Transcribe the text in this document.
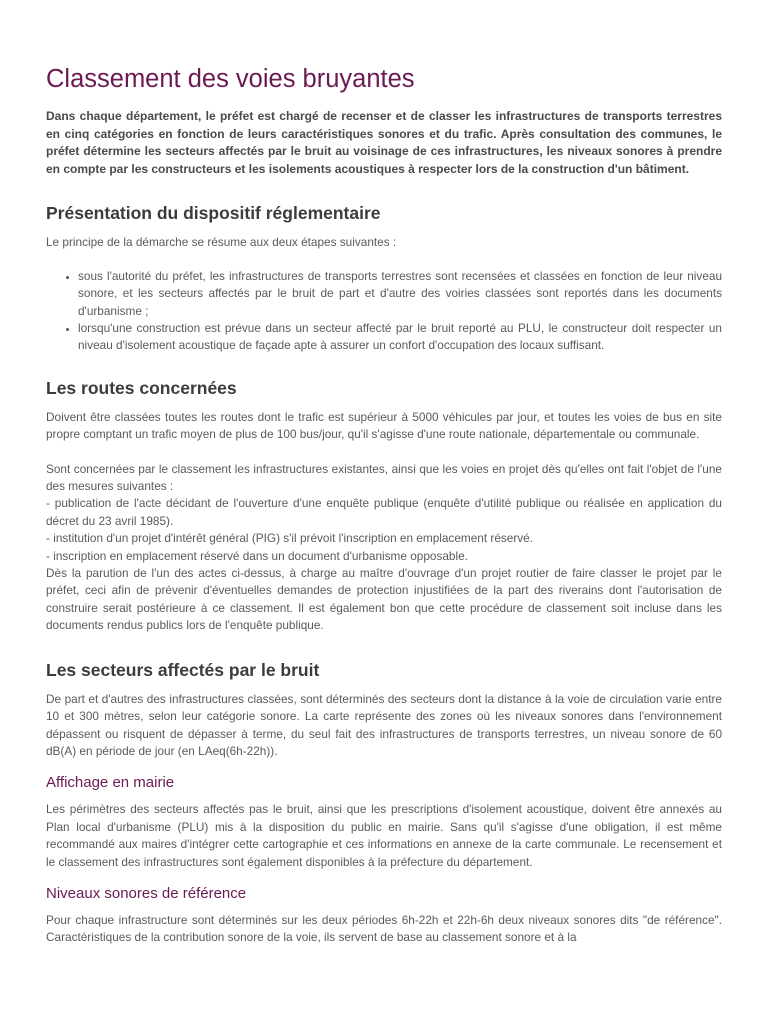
Classement des voies bruyantes

Dans chaque département, le préfet est chargé de recenser et de classer les infrastructures de transports terrestres en cinq catégories en fonction de leurs caractéristiques sonores et du trafic. Après consultation des communes, le préfet détermine les secteurs affectés par le bruit au voisinage de ces infrastructures, les niveaux sonores à prendre en compte par les constructeurs et les isolements acoustiques à respecter lors de la construction d'un bâtiment.

Présentation du dispositif réglementaire

Le principe de la démarche se résume aux deux étapes suivantes :

• sous l'autorité du préfet, les infrastructures de transports terrestres sont recensées et classées en fonction de leur niveau sonore, et les secteurs affectés par le bruit de part et d'autre des voiries classées sont reportés dans les documents d'urbanisme ;
• lorsqu'une construction est prévue dans un secteur affecté par le bruit reporté au PLU, le constructeur doit respecter un niveau d'isolement acoustique de façade apte à assurer un confort d'occupation des locaux suffisant.
Les routes concernées

Doivent être classées toutes les routes dont le trafic est supérieur à 5000 véhicules par jour, et toutes les voies de bus en site propre comptant un trafic moyen de plus de 100 bus/jour, qu'il s'agisse d'une route nationale, départementale ou communale.

Sont concernées par le classement les infrastructures existantes, ainsi que les voies en projet dès qu'elles ont fait l'objet de l'une des mesures suivantes :
- publication de l'acte décidant de l'ouverture d'une enquête publique (enquête d'utilité publique ou réalisée en application du décret du 23 avril 1985).
- institution d'un projet d'intérêt général (PIG) s'il prévoit l'inscription en emplacement réservé.
- inscription en emplacement réservé dans un document d'urbanisme opposable.
Dès la parution de l'un des actes ci-dessus, à charge au maître d'ouvrage d'un projet routier de faire classer le projet par le préfet, ceci afin de prévenir d'éventuelles demandes de protection injustifiées de la part des riverains dont l'autorisation de construire serait postérieure à ce classement. Il est également bon que cette procédure de classement soit incluse dans les documents rendus publics lors de l'enquête publique.

Les secteurs affectés par le bruit

De part et d'autres des infrastructures classées, sont déterminés des secteurs dont la distance à la voie de circulation varie entre 10 et 300 mètres, selon leur catégorie sonore. La carte représente des zones où les niveaux sonores dans l'environnement dépassent ou risquent de dépasser à terme, du seul fait des infrastructures de transports terrestres, un niveau sonore de 60 dB(A) en période de jour (en LAeq(6h-22h)).

Affichage en mairie

Les périmètres des secteurs affectés pas le bruit, ainsi que les prescriptions d'isolement acoustique, doivent être annexés au Plan local d'urbanisme (PLU) mis à la disposition du public en mairie. Sans qu'il s'agisse d'une obligation, il est même recommandé aux maires d'intégrer cette cartographie et ces informations en annexe de la carte communale. Le recensement et le classement des infrastructures sont également disponibles à la préfecture du département.

Niveaux sonores de référence

Pour chaque infrastructure sont déterminés sur les deux périodes 6h-22h et 22h-6h deux niveaux sonores dits "de référence". Caractéristiques de la contribution sonore de la voie, ils servent de base au classement sonore et à la
